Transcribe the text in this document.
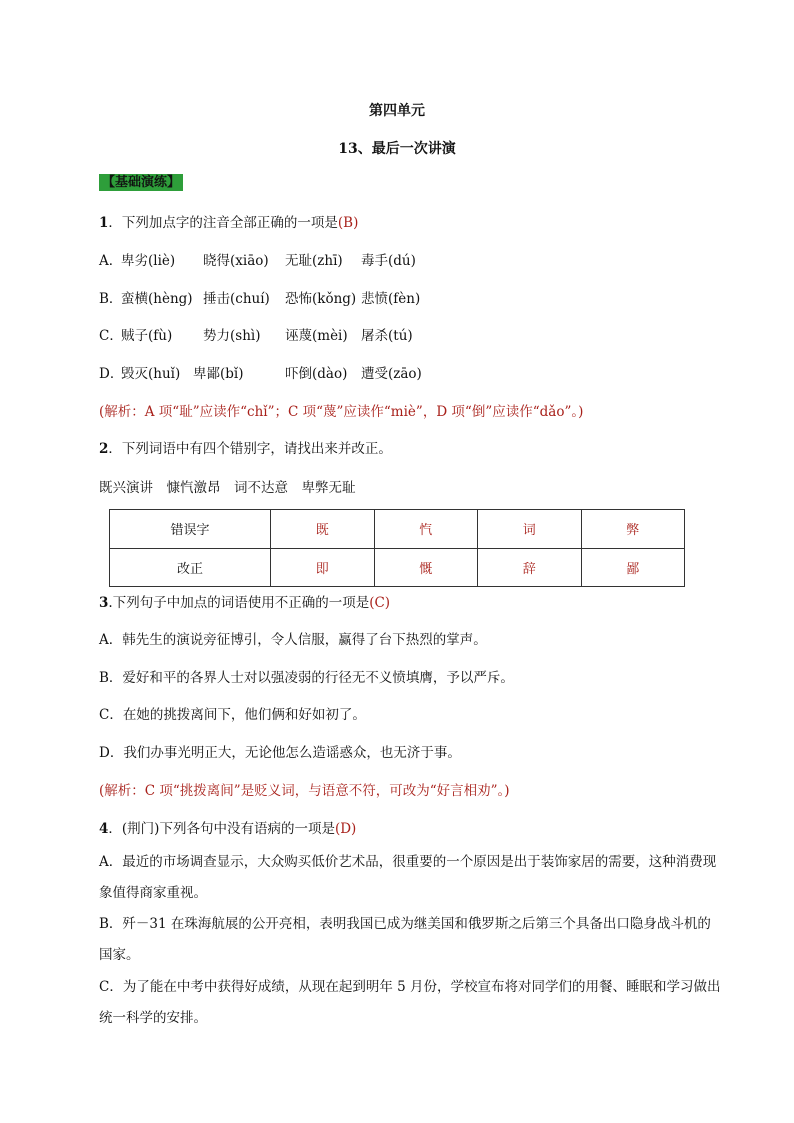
第四单元
13、最后一次讲演
【基础演练】
1．下列加点字的注音全部正确的一项是(B)
A．
卑劣(liè) 晓得(xiāo) 无耻(zhī) 毒手(dú)
B．
蛮横(hèng) 捶击(chuí) 恐怖(kǒng) 悲愤(fèn)
C．
贼子(fù) 势力(shì) 诬蔑(mèi) 屠杀(tú)
D．
毁灭(huǐ) 卑鄙(bǐ)	吓倒(dào) 遭受(zāo)
(解析：A 项“耻”应读作“chǐ”；C 项“蔑”应读作“miè”，D 项“倒”应读作“dǎo”。)
2．下列词语中有四个错别字，请找出来并改正。
既兴演讲　慷忾激昂　词不达意　卑弊无耻
错误字	既	忾	词	弊
改正	即	慨	辞	鄙
3.下列句子中加点的词语使用不正确的一项是(C)
A．韩先生的演说旁征博引，令人信服，赢得了台下热烈的掌声。
B．爱好和平的各界人士对以强凌弱的行径无不义愤填膺，予以严斥。
C．在她的挑拨离间下，他们俩和好如初了。
D．我们办事光明正大，无论他怎么造谣惑众，也无济于事。
(解析：C 项“挑拨离间”是贬义词，与语意不符，可改为“好言相劝”。)
4．(荆门)下列各句中没有语病的一项是(D)
A．最近的市场调查显示，大众购买低价艺术品，很重要的一个原因是出于装饰家居的需要，这种消费现象值得商家重视。
B．歼－31 在珠海航展的公开亮相，表明我国已成为继美国和俄罗斯之后第三个具备出口隐身战斗机的国家。
C．为了能在中考中获得好成绩，从现在起到明年 5 月份，学校宣布将对同学们的用餐、睡眠和学习做出统一科学的安排。
